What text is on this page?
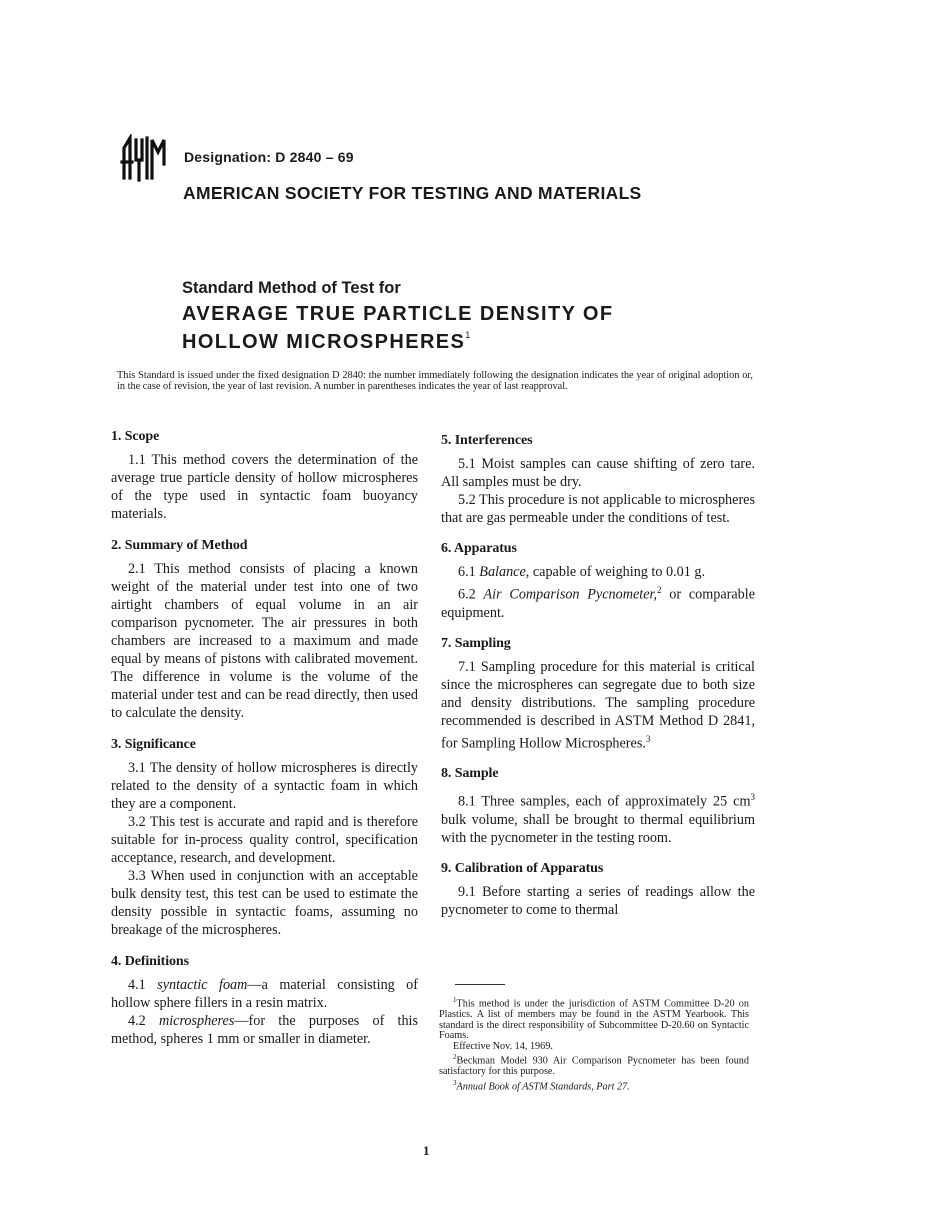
Designation: D 2840 – 69
AMERICAN SOCIETY FOR TESTING AND MATERIALS
Standard Method of Test for
AVERAGE TRUE PARTICLE DENSITY OF
HOLLOW MICROSPHERES$^1$
This Standard is issued under the fixed designation D 2840: the number immediately following the designation indicates the year of original adoption or, in the case of revision, the year of last revision. A number in parentheses indicates the year of last reapproval.
1. Scope

1.1 This method covers the determination of the average true particle density of hollow microspheres of the type used in syntactic foam buoyancy materials.

2. Summary of Method

2.1 This method consists of placing a known weight of the material under test into one of two airtight chambers of equal volume in an air comparison pycnometer. The air pressures in both chambers are increased to a maximum and made equal by means of pistons with calibrated movement. The difference in volume is the volume of the material under test and can be read directly, then used to calculate the density.

3. Significance

3.1 The density of hollow microspheres is directly related to the density of a syntactic foam in which they are a component.

3.2 This test is accurate and rapid and is therefore suitable for in-process quality control, specification acceptance, research, and development.

3.3 When used in conjunction with an acceptable bulk density test, this test can be used to estimate the density possible in syntactic foams, assuming no breakage of the microspheres.

4. Definitions

4.1 syntactic foam—a material consisting of hollow sphere fillers in a resin matrix.

4.2 microspheres—for the purposes of this method, spheres 1 mm or smaller in diameter.

5. Interferences

5.1 Moist samples can cause shifting of zero tare. All samples must be dry.

5.2 This procedure is not applicable to microspheres that are gas permeable under the conditions of test.

6. Apparatus

6.1 Balance, capable of weighing to 0.01 g.

6.2 Air Comparison Pycnometer,$^2$ or comparable equipment.

7. Sampling

7.1 Sampling procedure for this material is critical since the microspheres can segregate due to both size and density distributions. The sampling procedure recommended is described in ASTM Method D 2841, for Sampling Hollow Microspheres.$^3$

8. Sample

8.1 Three samples, each of approximately 25 $cm^3$ bulk volume, shall be brought to thermal equilibrium with the pycnometer in the testing room.

9. Calibration of Apparatus

9.1 Before starting a series of readings allow the pycnometer to come to thermal

$^1$This method is under the jurisdiction of ASTM Committee D-20 on Plastics. A list of members may be found in the ASTM Yearbook. This standard is the direct responsibility of Subcommittee D-20.60 on Syntactic Foams.

Effective Nov. 14, 1969.

$^2$Beckman Model 930 Air Comparison Pycnometer has been found satisfactory for this purpose.

$^3$Annual Book of ASTM Standards, Part 27.

1
